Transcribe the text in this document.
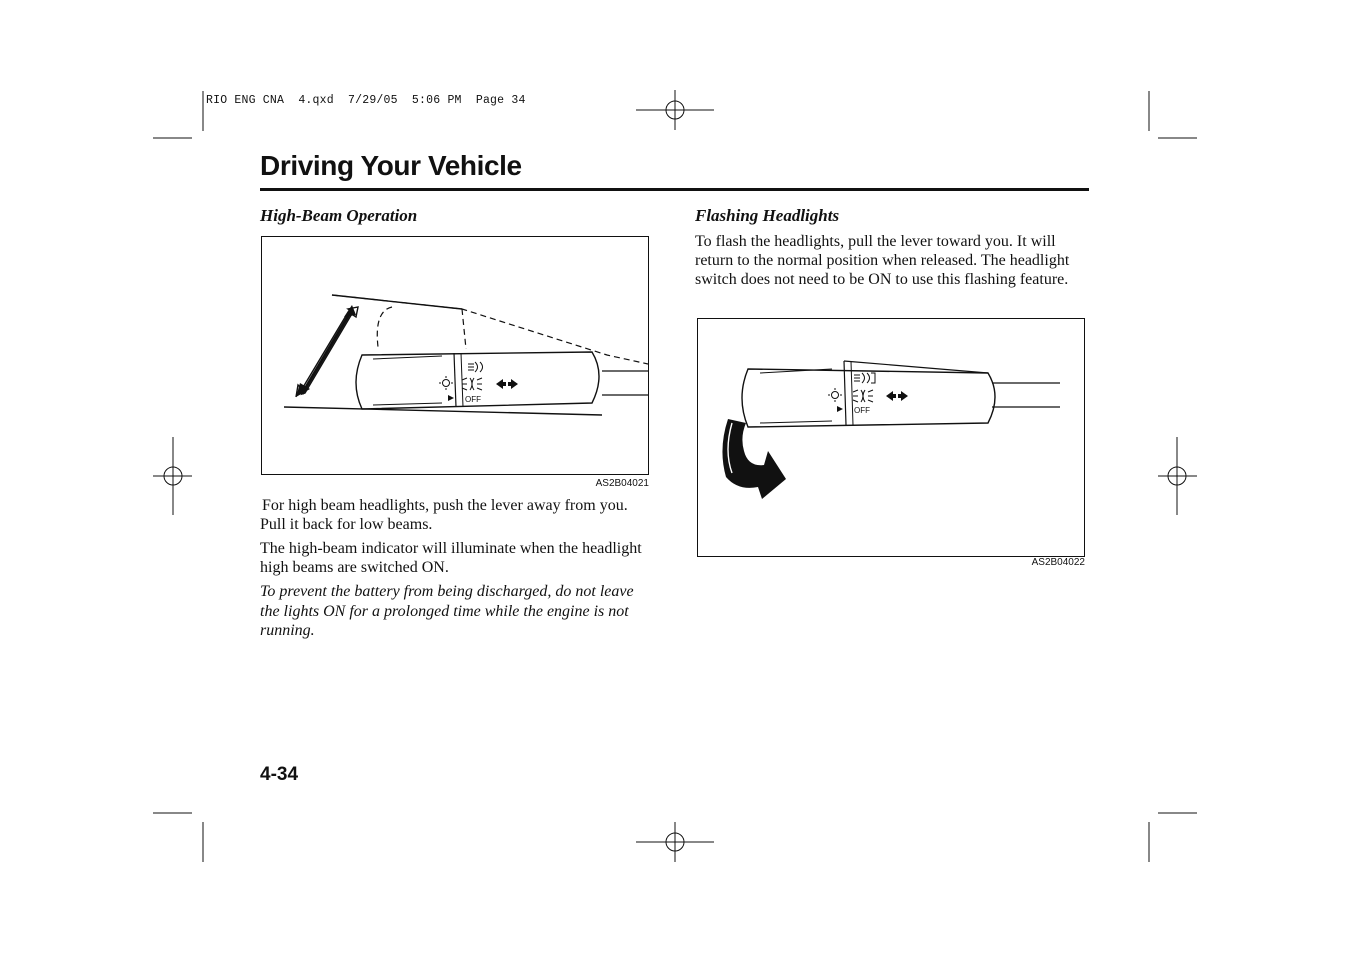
RIO ENG CNA  4.qxd  7/29/05  5:06 PM  Page 34
Driving Your Vehicle
High-Beam Operation
OFF
AS2B04021
For high beam headlights, push the lever away from you. Pull it back for low beams.
The high-beam indicator will illuminate when the headlight high beams are switched ON.
To prevent the battery from being discharged, do not leave the lights ON for a prolonged time while the engine is not running.
Flashing Headlights
To flash the headlights, pull the lever toward you. It will return to the normal position when released. The headlight switch does not need to be ON to use this flashing feature.
OFF
AS2B04022
4-34
